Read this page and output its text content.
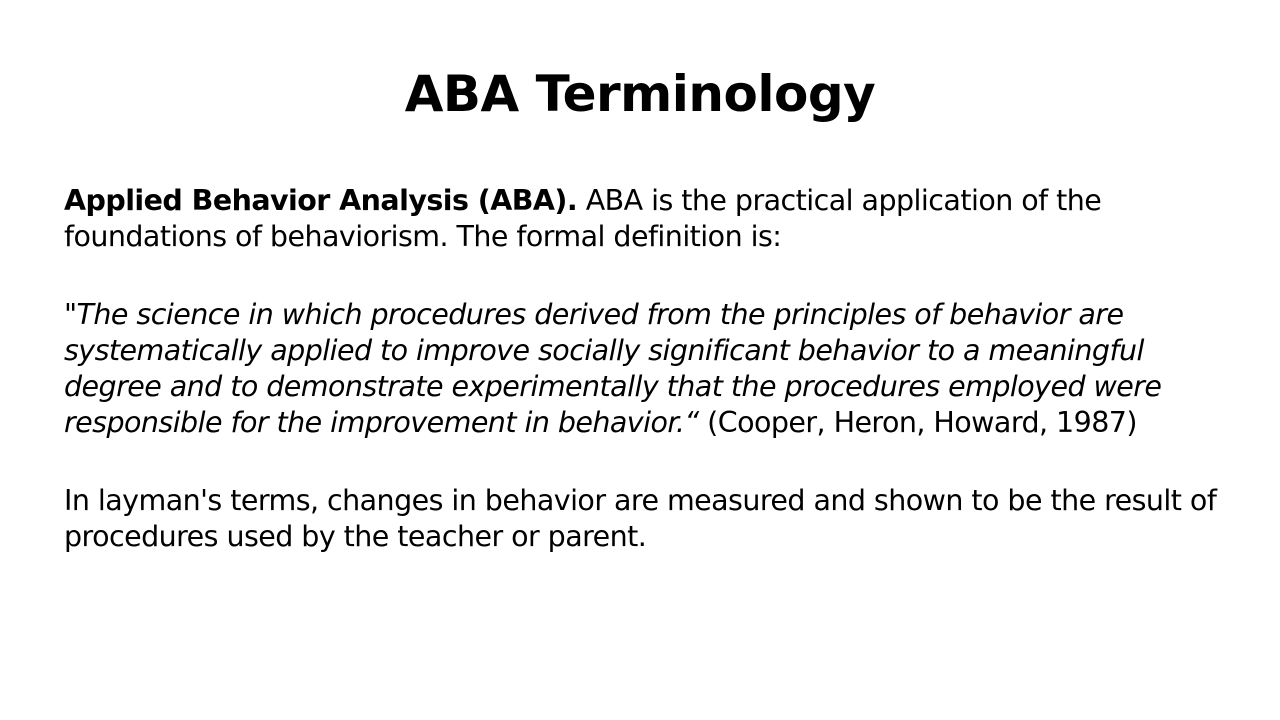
ABA Terminology

Applied Behavior Analysis (ABA). ABA is the practical application of the foundations of behaviorism. The formal definition is:

"The science in which procedures derived from the principles of behavior are systematically applied to improve socially significant behavior to a meaningful degree and to demonstrate experimentally that the procedures employed were responsible for the improvement in behavior.“ (Cooper, Heron, Howard, 1987)

In layman's terms, changes in behavior are measured and shown to be the result of procedures used by the teacher or parent.
